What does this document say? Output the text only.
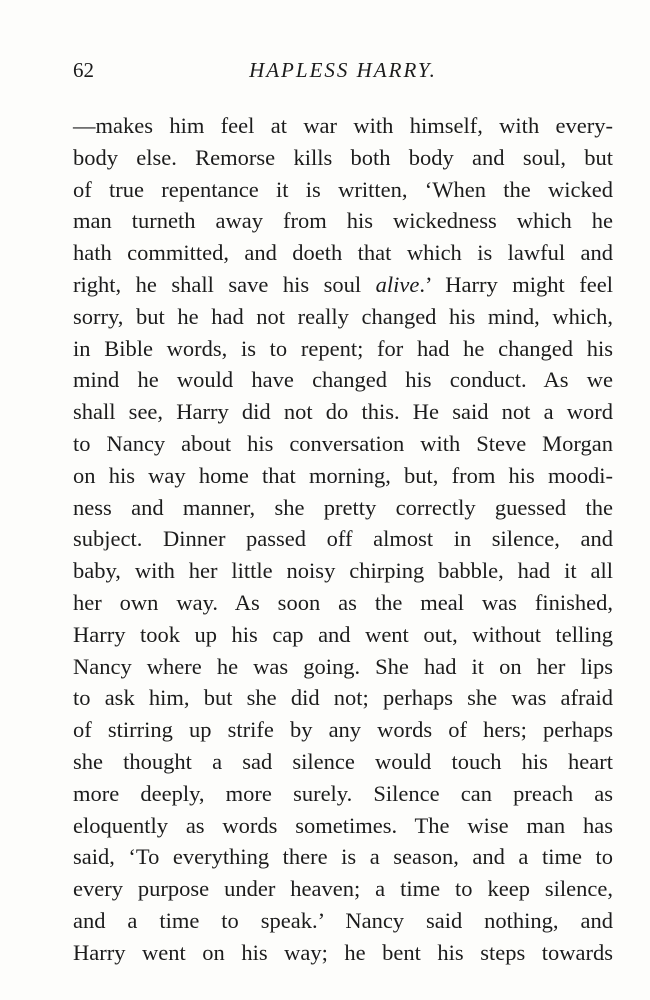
62	HAPLESS HARRY.
—makes him feel at war with himself, with every-
body else. Remorse kills both body and soul, but
of true repentance it is written, ‘When the wicked
man turneth away from his wickedness which he
hath committed, and doeth that which is lawful and
right, he shall save his soul alive.’ Harry might feel
sorry, but he had not really changed his mind, which,
in Bible words, is to repent; for had he changed his
mind he would have changed his conduct. As we
shall see, Harry did not do this. He said not a word
to Nancy about his conversation with Steve Morgan
on his way home that morning, but, from his moodi-
ness and manner, she pretty correctly guessed the
subject. Dinner passed off almost in silence, and
baby, with her little noisy chirping babble, had it all
her own way. As soon as the meal was finished,
Harry took up his cap and went out, without telling
Nancy where he was going. She had it on her lips
to ask him, but she did not; perhaps she was afraid
of stirring up strife by any words of hers; perhaps
she thought a sad silence would touch his heart
more deeply, more surely. Silence can preach as
eloquently as words sometimes. The wise man has
said, ‘To everything there is a season, and a time to
every purpose under heaven; a time to keep silence,
and a time to speak.’ Nancy said nothing, and
Harry went on his way; he bent his steps towards
